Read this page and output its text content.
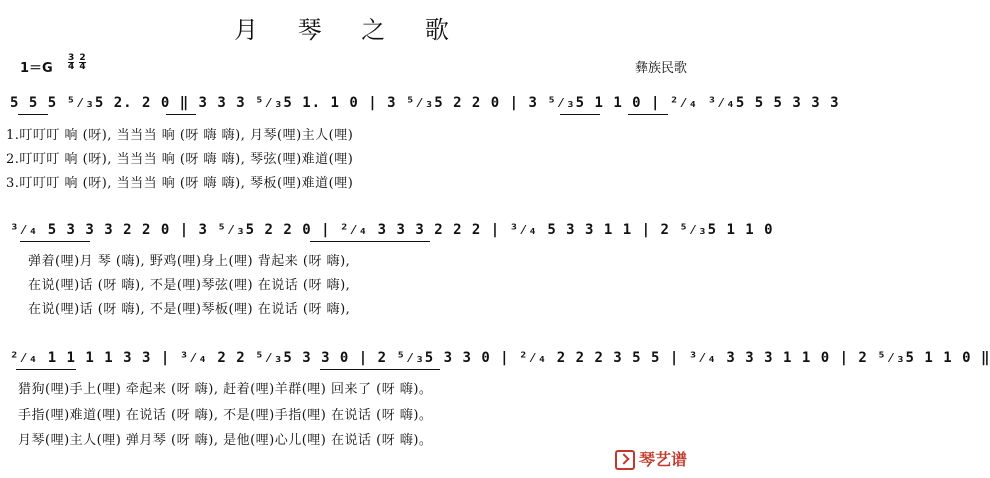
月 琴 之 歌
$1=G \frac{3}{4}$
$\frac{2}{4}$	彝族民歌
5 5 5 ⁵⁄₃5 2. 2 0 ‖ 3 3 3 ⁵⁄₃5 1. 1 0 | 3 ⁵⁄₃5 2 2 0 | 3 ⁵⁄₃5 1 1 0 | ²⁄₄ ³⁄₄5 5 5 3 3 3
1.叮叮叮 响 (呀), 当当当 响 (呀 嗨 嗨), 月琴(哩)主人(哩)
2.叮叮叮 响 (呀), 当当当 响 (呀 嗨 嗨), 琴弦(哩)难道(哩)
3.叮叮叮 响 (呀), 当当当 响 (呀 嗨 嗨), 琴板(哩)难道(哩)
³⁄₄ 5 3 3 3 2 2 0 | 3 ⁵⁄₃5 2 2 0 | ²⁄₄ 3 3 3 2 2 2 | ³⁄₄ 5 3 3 1 1 | 2 ⁵⁄₃5 1 1 0
弹着(哩)月 琴 (嗨), 野鸡(哩)身上(哩) 背起来 (呀 嗨),
在说(哩)话 (呀 嗨), 不是(哩)琴弦(哩) 在说话 (呀 嗨),
在说(哩)话 (呀 嗨), 不是(哩)琴板(哩) 在说话 (呀 嗨),
²⁄₄ 1 1 1 1 3 3 | ³⁄₄ 2 2 ⁵⁄₃5 3 3 0 | 2 ⁵⁄₃5 3 3 0 | ²⁄₄ 2 2 2 3 5 5 | ³⁄₄ 3 3 3 1 1 0 | 2 ⁵⁄₃5 1 1 0 ‖
猎狗(哩)手上(哩) 牵起来 (呀 嗨), 赶着(哩)羊群(哩) 回来了 (呀 嗨)。
手指(哩)难道(哩) 在说话 (呀 嗨), 不是(哩)手指(哩) 在说话 (呀 嗨)。
月琴(哩)主人(哩) 弹月琴 (呀 嗨), 是他(哩)心儿(哩) 在说话 (呀 嗨)。
琴艺谱
